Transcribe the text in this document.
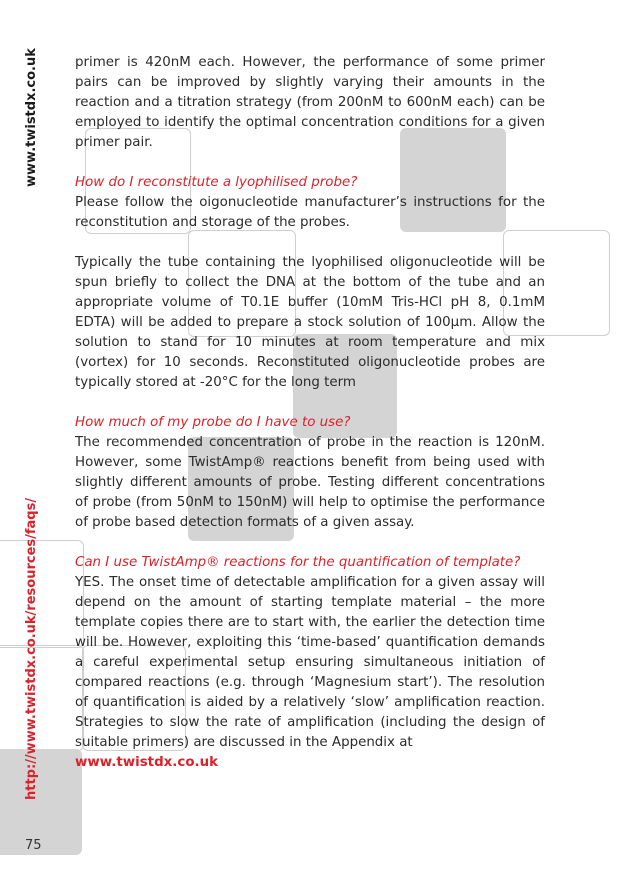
www.twistdx.co.uk
http://www.twistdx.co.uk/resources/faqs/

primer is 420nM each. However, the performance of some primer pairs can be improved by slightly varying their amounts in the reaction and a titration strategy (from 200nM to 600nM each) can be employed to identify the optimal concentration conditions for a given primer pair.

How do I reconstitute a lyophilised probe?

Please follow the oigonucleotide manufacturer’s instructions for the reconstitution and storage of the probes.

Typically the tube containing the lyophilised oligonucleotide will be spun briefly to collect the DNA at the bottom of the tube and an appropriate volume of T0.1E buffer (10mM Tris-HCl pH 8, 0.1mM EDTA) will be added to prepare a stock solution of 100µm. Allow the solution to stand for 10 minutes at room temperature and mix (vortex) for 10 seconds. Reconstituted oligonucleotide probes are typically stored at -20°C for the long term

How much of my probe do I have to use?

The recommended concentration of probe in the reaction is 120nM. However, some TwistAmp® reactions benefit from being used with slightly different amounts of probe. Testing different concentrations of probe (from 50nM to 150nM) will help to optimise the performance of probe based detection formats of a given assay.

Can I use TwistAmp® reactions for the quantification of template?

YES. The onset time of detectable amplification for a given assay will depend on the amount of starting template material – the more template copies there are to start with, the earlier the detection time will be. However, exploiting this ‘time-based’ quantification demands a careful experimental setup ensuring simultaneous initiation of compared reactions (e.g. through ‘Magnesium start’). The resolution of quantification is aided by a relatively ‘slow’ amplification reaction. Strategies to slow the rate of amplification (including the design of suitable primers) are discussed in the Appendix at

www.twistdx.co.uk

75
